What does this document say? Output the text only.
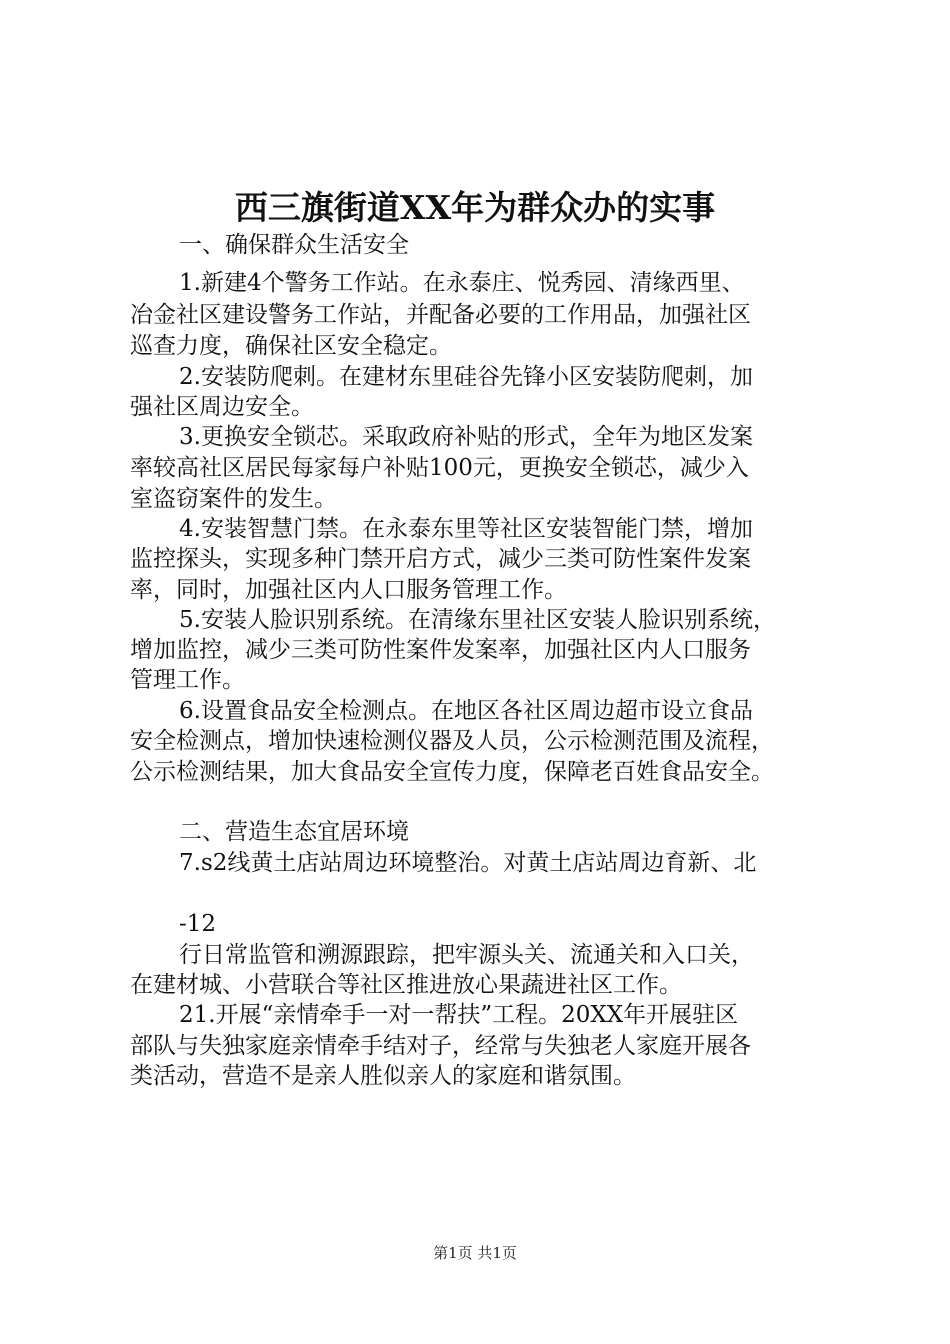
西三旗街道XX年为群众办的实事

一、确保群众生活安全

1.新建4个警务工作站。在永泰庄、悦秀园、清缘西里、

冶金社区建设警务工作站，并配备必要的工作用品，加强社区

巡查力度，确保社区安全稳定。

2.安装防爬刺。在建材东里硅谷先锋小区安装防爬刺，加

强社区周边安全。

3.更换安全锁芯。采取政府补贴的形式，全年为地区发案

率较高社区居民每家每户补贴100元，更换安全锁芯，减少入

室盗窃案件的发生。

4.安装智慧门禁。在永泰东里等社区安装智能门禁，增加

监控探头，实现多种门禁开启方式，减少三类可防性案件发案

率，同时，加强社区内人口服务管理工作。

5.安装人脸识别系统。在清缘东里社区安装人脸识别系统，

增加监控，减少三类可防性案件发案率，加强社区内人口服务

管理工作。

6.设置食品安全检测点。在地区各社区周边超市设立食品

安全检测点，增加快速检测仪器及人员，公示检测范围及流程，

公示检测结果，加大食品安全宣传力度，保障老百姓食品安全。

二、营造生态宜居环境

7.s2线黄土店站周边环境整治。对黄土店站周边育新、北

-12

行日常监管和溯源跟踪，把牢源头关、流通关和入口关，

在建材城、小营联合等社区推进放心果蔬进社区工作。

21.开展“亲情牵手一对一帮扶”工程。20XX年开展驻区

部队与失独家庭亲情牵手结对子，经常与失独老人家庭开展各

类活动，营造不是亲人胜似亲人的家庭和谐氛围。

第1页 共1页
